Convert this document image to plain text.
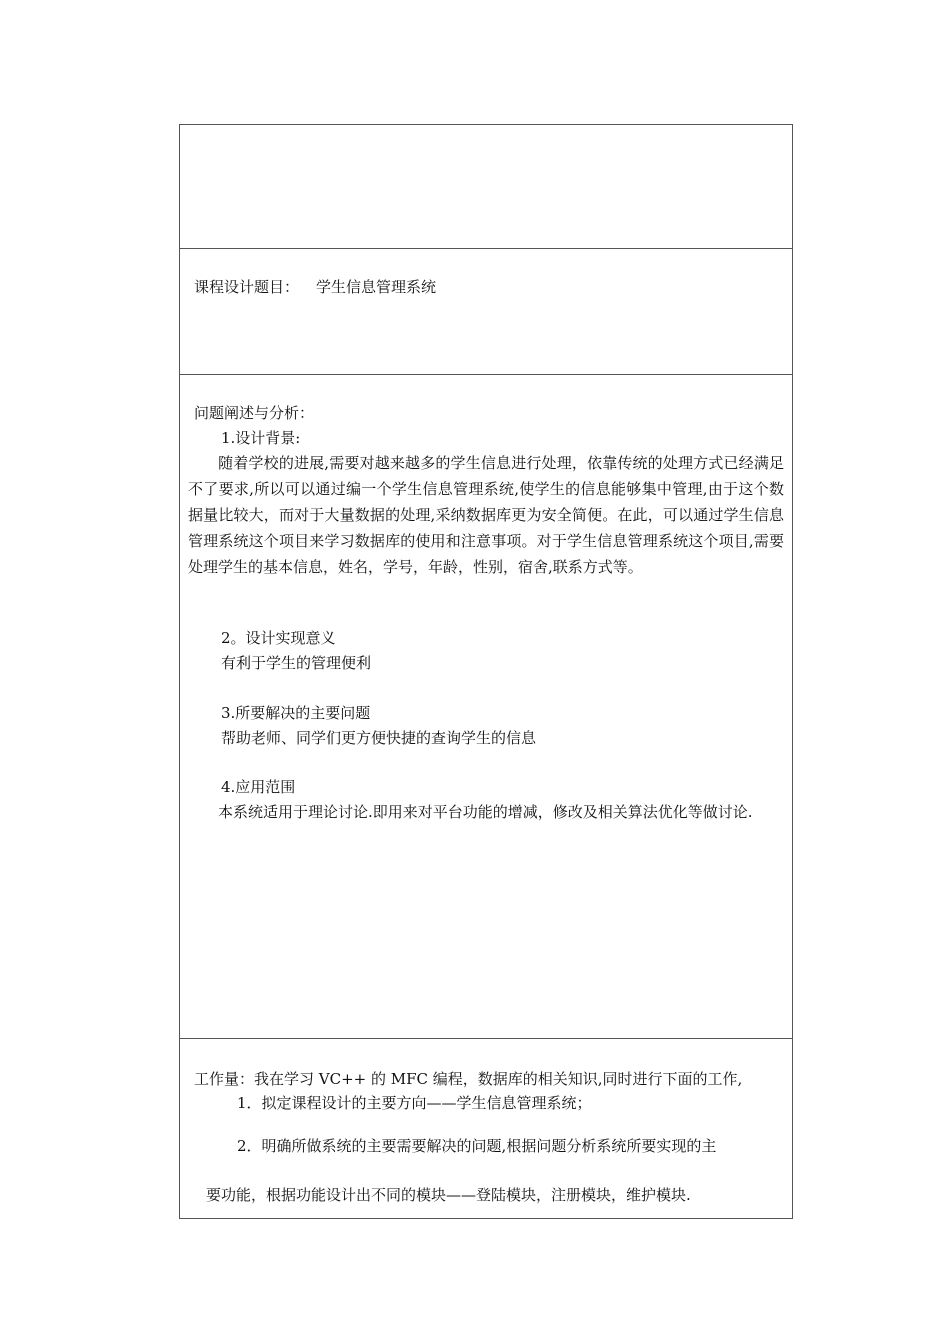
课程设计题目： 学生信息管理系统
问题阐述与分析：
1.设计背景:
随着学校的进展,需要对越来越多的学生信息进行处理，依靠传统的处理方式已经满足不了要求,所以可以通过编一个学生信息管理系统,使学生的信息能够集中管理,由于这个数据量比较大，而对于大量数据的处理,采纳数据库更为安全简便。在此，可以通过学生信息管理系统这个项目来学习数据库的使用和注意事项。对于学生信息管理系统这个项目,需要处理学生的基本信息，姓名，学号，年龄，性别，宿舍,联系方式等。
2。设计实现意义
有利于学生的管理便利
3.所要解决的主要问题
帮助老师、同学们更方便快捷的查询学生的信息
4.应用范围
本系统适用于理论讨论.即用来对平台功能的增减，修改及相关算法优化等做讨论.
工作量：我在学习 VC++ 的 MFC 编程，数据库的相关知识,同时进行下面的工作,
1．拟定课程设计的主要方向——学生信息管理系统；
2．明确所做系统的主要需要解决的问题,根据问题分析系统所要实现的主
要功能，根据功能设计出不同的模块——登陆模块，注册模块，维护模块.
